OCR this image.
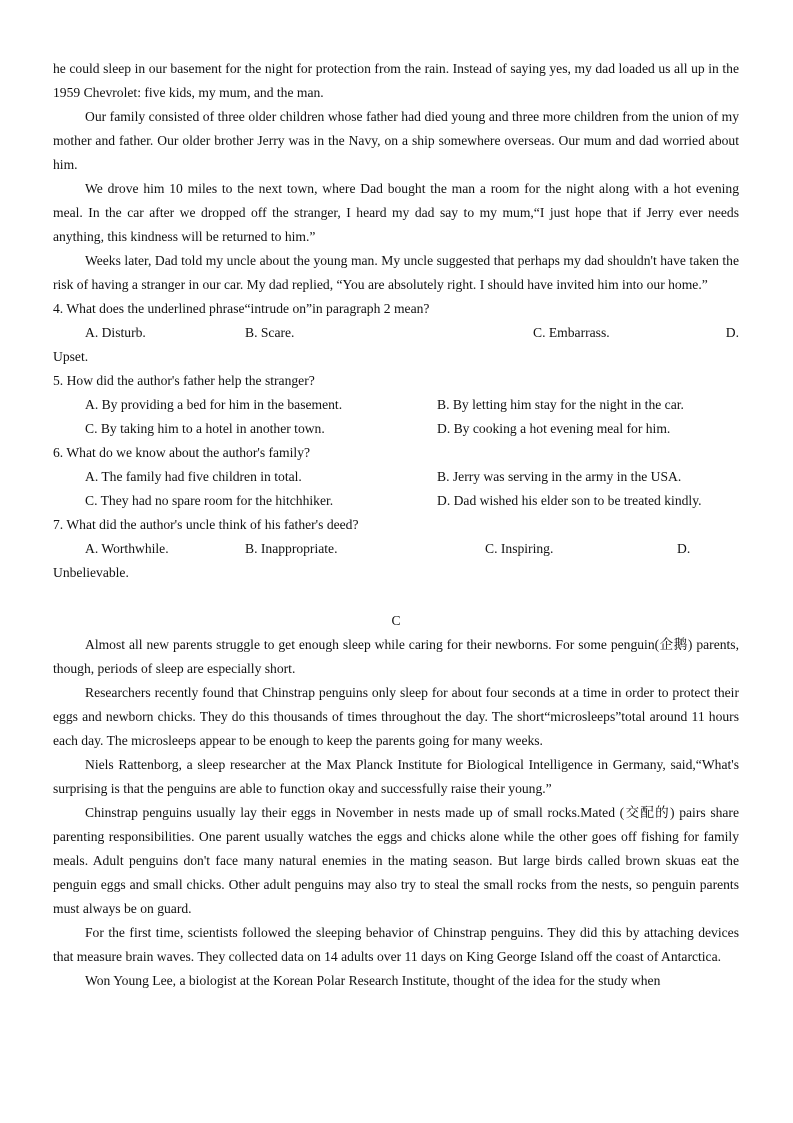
he could sleep in our basement for the night for protection from the rain. Instead of saying yes, my dad loaded us all up in the 1959 Chevrolet: five kids, my mum, and the man.

Our family consisted of three older children whose father had died young and three more children from the union of my mother and father. Our older brother Jerry was in the Navy, on a ship somewhere overseas. Our mum and dad worried about him.

We drove him 10 miles to the next town, where Dad bought the man a room for the night along with a hot evening meal. In the car after we dropped off the stranger, I heard my dad say to my mum,“I just hope that if Jerry ever needs anything, this kindness will be returned to him.”

Weeks later, Dad told my uncle about the young man. My uncle suggested that perhaps my dad shouldn't have taken the risk of having a stranger in our car. My dad replied, “You are absolutely right. I should have invited him into our home.”

4. What does the underlined phrase“intrude on”in paragraph 2 mean?

A. Disturb.	B. Scare.	C. Embarrass.	D.
Upset.

5. How did the author's father help the stranger?

A. By providing a bed for him in the basement.	B. By letting him stay for the night in the car.
C. By taking him to a hotel in another town.	D. By cooking a hot evening meal for him.

6. What do we know about the author's family?

A. The family had five children in total.	B. Jerry was serving in the army in the USA.
C. They had no spare room for the hitchhiker.	D. Dad wished his elder son to be treated kindly.

7. What did the author's uncle think of his father's deed?

A. Worthwhile.	B. Inappropriate.	C. Inspiring.	D.
Unbelievable.

C

Almost all new parents struggle to get enough sleep while caring for their newborns. For some penguin(企鹅) parents, though, periods of sleep are especially short.

Researchers recently found that Chinstrap penguins only sleep for about four seconds at a time in order to protect their eggs and newborn chicks. They do this thousands of times throughout the day. The short“microsleeps”total around 11 hours each day. The microsleeps appear to be enough to keep the parents going for many weeks.

Niels Rattenborg, a sleep researcher at the Max Planck Institute for Biological Intelligence in Germany, said,“What's surprising is that the penguins are able to function okay and successfully raise their young.”

Chinstrap penguins usually lay their eggs in November in nests made up of small rocks.Mated (交配的) pairs share parenting responsibilities. One parent usually watches the eggs and chicks alone while the other goes off fishing for family meals. Adult penguins don't face many natural enemies in the mating season. But large birds called brown skuas eat the penguin eggs and small chicks. Other adult penguins may also try to steal the small rocks from the nests, so penguin parents must always be on guard.

For the first time, scientists followed the sleeping behavior of Chinstrap penguins. They did this by attaching devices that measure brain waves. They collected data on 14 adults over 11 days on King George Island off the coast of Antarctica.

Won Young Lee, a biologist at the Korean Polar Research Institute, thought of the idea for the study when
